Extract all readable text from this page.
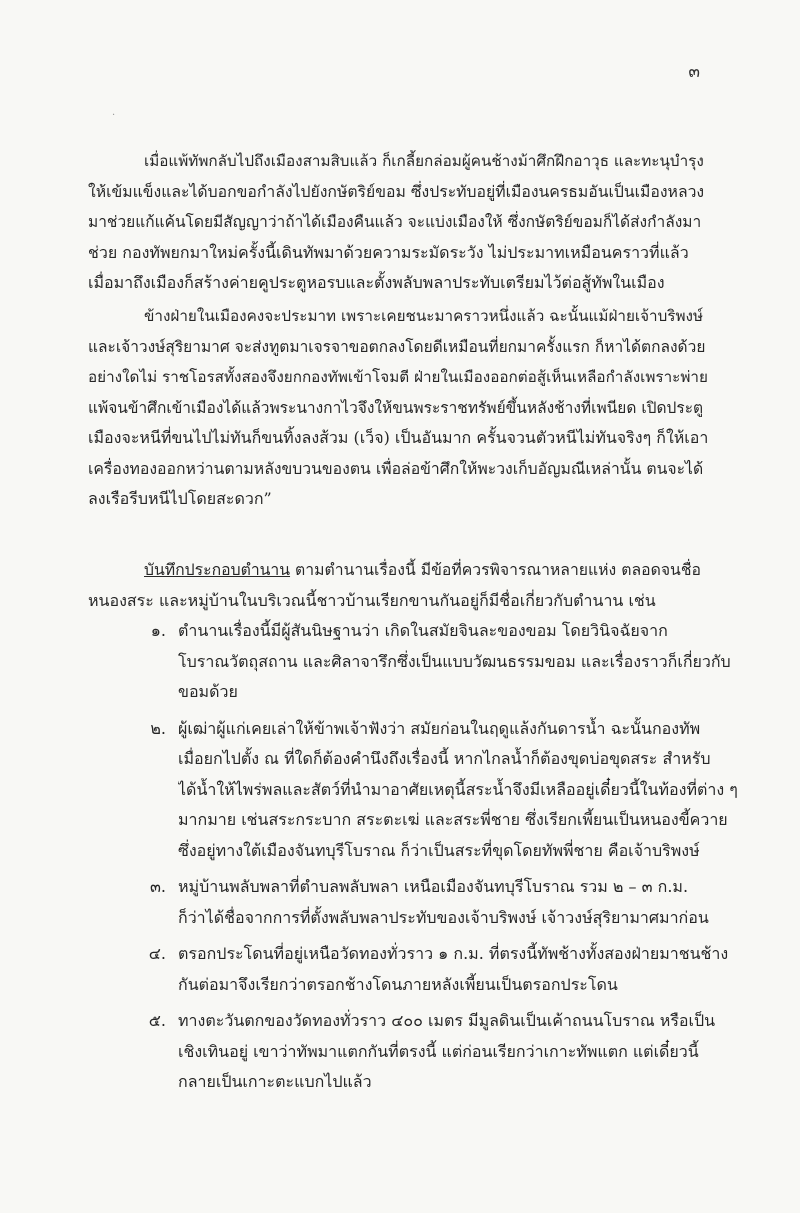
๓
·

เมื่อแพ้ทัพกลับไปถึงเมืองสามสิบแล้ว ก็เกลี้ยกล่อมผู้คนช้างม้าศึกฝึกอาวุธ และทะนุบำรุง
ให้เข้มแข็งและได้บอกขอกำลังไปยังกษัตริย์ขอม ซึ่งประทับอยู่ที่เมืองนครธมอันเป็นเมืองหลวง
มาช่วยแก้แค้นโดยมีสัญญาว่าถ้าได้เมืองคืนแล้ว จะแบ่งเมืองให้ ซึ่งกษัตริย์ขอมก็ได้ส่งกำลังมา
ช่วย กองทัพยกมาใหม่ครั้งนี้เดินทัพมาด้วยความระมัดระวัง ไม่ประมาทเหมือนคราวที่แล้ว
เมื่อมาถึงเมืองก็สร้างค่ายคูประตูหอรบและตั้งพลับพลาประทับเตรียมไว้ต่อสู้ทัพในเมือง

ข้างฝ่ายในเมืองคงจะประมาท เพราะเคยชนะมาคราวหนึ่งแล้ว ฉะนั้นแม้ฝ่ายเจ้าบริพงษ์
และเจ้าวงษ์สุริยามาศ จะส่งทูตมาเจรจาขอตกลงโดยดีเหมือนที่ยกมาครั้งแรก ก็หาได้ตกลงด้วย
อย่างใดไม่ ราชโอรสทั้งสองจึงยกกองทัพเข้าโจมตี ฝ่ายในเมืองออกต่อสู้เห็นเหลือกำลังเพราะพ่าย
แพ้จนข้าศึกเข้าเมืองได้แล้วพระนางกาไวจึงให้ขนพระราชทรัพย์ขึ้นหลังช้างที่เพนียด เปิดประตู
เมืองจะหนีที่ขนไปไม่ทันก็ขนทิ้งลงส้วม (เว็จ) เป็นอันมาก ครั้นจวนตัวหนีไม่ทันจริงๆ ก็ให้เอา
เครื่องทองออกหว่านตามหลังขบวนของตน เพื่อล่อข้าศึกให้พะวงเก็บอัญมณีเหล่านั้น ตนจะได้
ลงเรือรีบหนีไปโดยสะดวก”

บันทึกประกอบตำนาน ตามตำนานเรื่องนี้ มีข้อที่ควรพิจารณาหลายแห่ง ตลอดจนชื่อ
หนองสระ และหมู่บ้านในบริเวณนี้ชาวบ้านเรียกขานกันอยู่ก็มีชื่อเกี่ยวกับตำนาน เช่น

๑. ตำนานเรื่องนี้มีผู้สันนิษฐานว่า เกิดในสมัยจินละของขอม โดยวินิจฉัยจาก
โบราณวัตถุสถาน และศิลาจารึกซึ่งเป็นแบบวัฒนธรรมขอม และเรื่องราวก็เกี่ยวกับ
ขอมด้วย
๒. ผู้เฒ่าผู้แก่เคยเล่าให้ข้าพเจ้าฟังว่า สมัยก่อนในฤดูแล้งกันดารน้ำ ฉะนั้นกองทัพ
เมื่อยกไปตั้ง ณ ที่ใดก็ต้องคำนึงถึงเรื่องนี้ หากไกลน้ำก็ต้องขุดบ่อขุดสระ สำหรับ
ได้น้ำให้ไพร่พลและสัตว์ที่นำมาอาศัยเหตุนี้สระน้ำจึงมีเหลืออยู่เดี๋ยวนี้ในท้องที่ต่าง ๆ
มากมาย เช่นสระกระบาก สระตะเฆ่ และสระพี่ชาย ซึ่งเรียกเพี้ยนเป็นหนองขี้ควาย
ซึ่งอยู่ทางใต้เมืองจันทบุรีโบราณ ก็ว่าเป็นสระที่ขุดโดยทัพพี่ชาย คือเจ้าบริพงษ์
๓. หมู่บ้านพลับพลาที่ตำบลพลับพลา เหนือเมืองจันทบุรีโบราณ รวม ๒ – ๓ ก.ม.
ก็ว่าได้ชื่อจากการที่ตั้งพลับพลาประทับของเจ้าบริพงษ์ เจ้าวงษ์สุริยามาศมาก่อน
๔. ตรอกประโดนที่อยู่เหนือวัดทองทั่วราว ๑ ก.ม. ที่ตรงนี้ทัพช้างทั้งสองฝ่ายมาชนช้าง
กันต่อมาจึงเรียกว่าตรอกช้างโดนภายหลังเพี้ยนเป็นตรอกประโดน
๕. ทางตะวันตกของวัดทองทั่วราว ๔๐๐ เมตร มีมูลดินเป็นเค้าถนนโบราณ หรือเป็น
เชิงเทินอยู่ เขาว่าทัพมาแตกกันที่ตรงนี้ แต่ก่อนเรียกว่าเกาะทัพแตก แต่เดี๋ยวนี้
กลายเป็นเกาะตะแบกไปแล้ว
